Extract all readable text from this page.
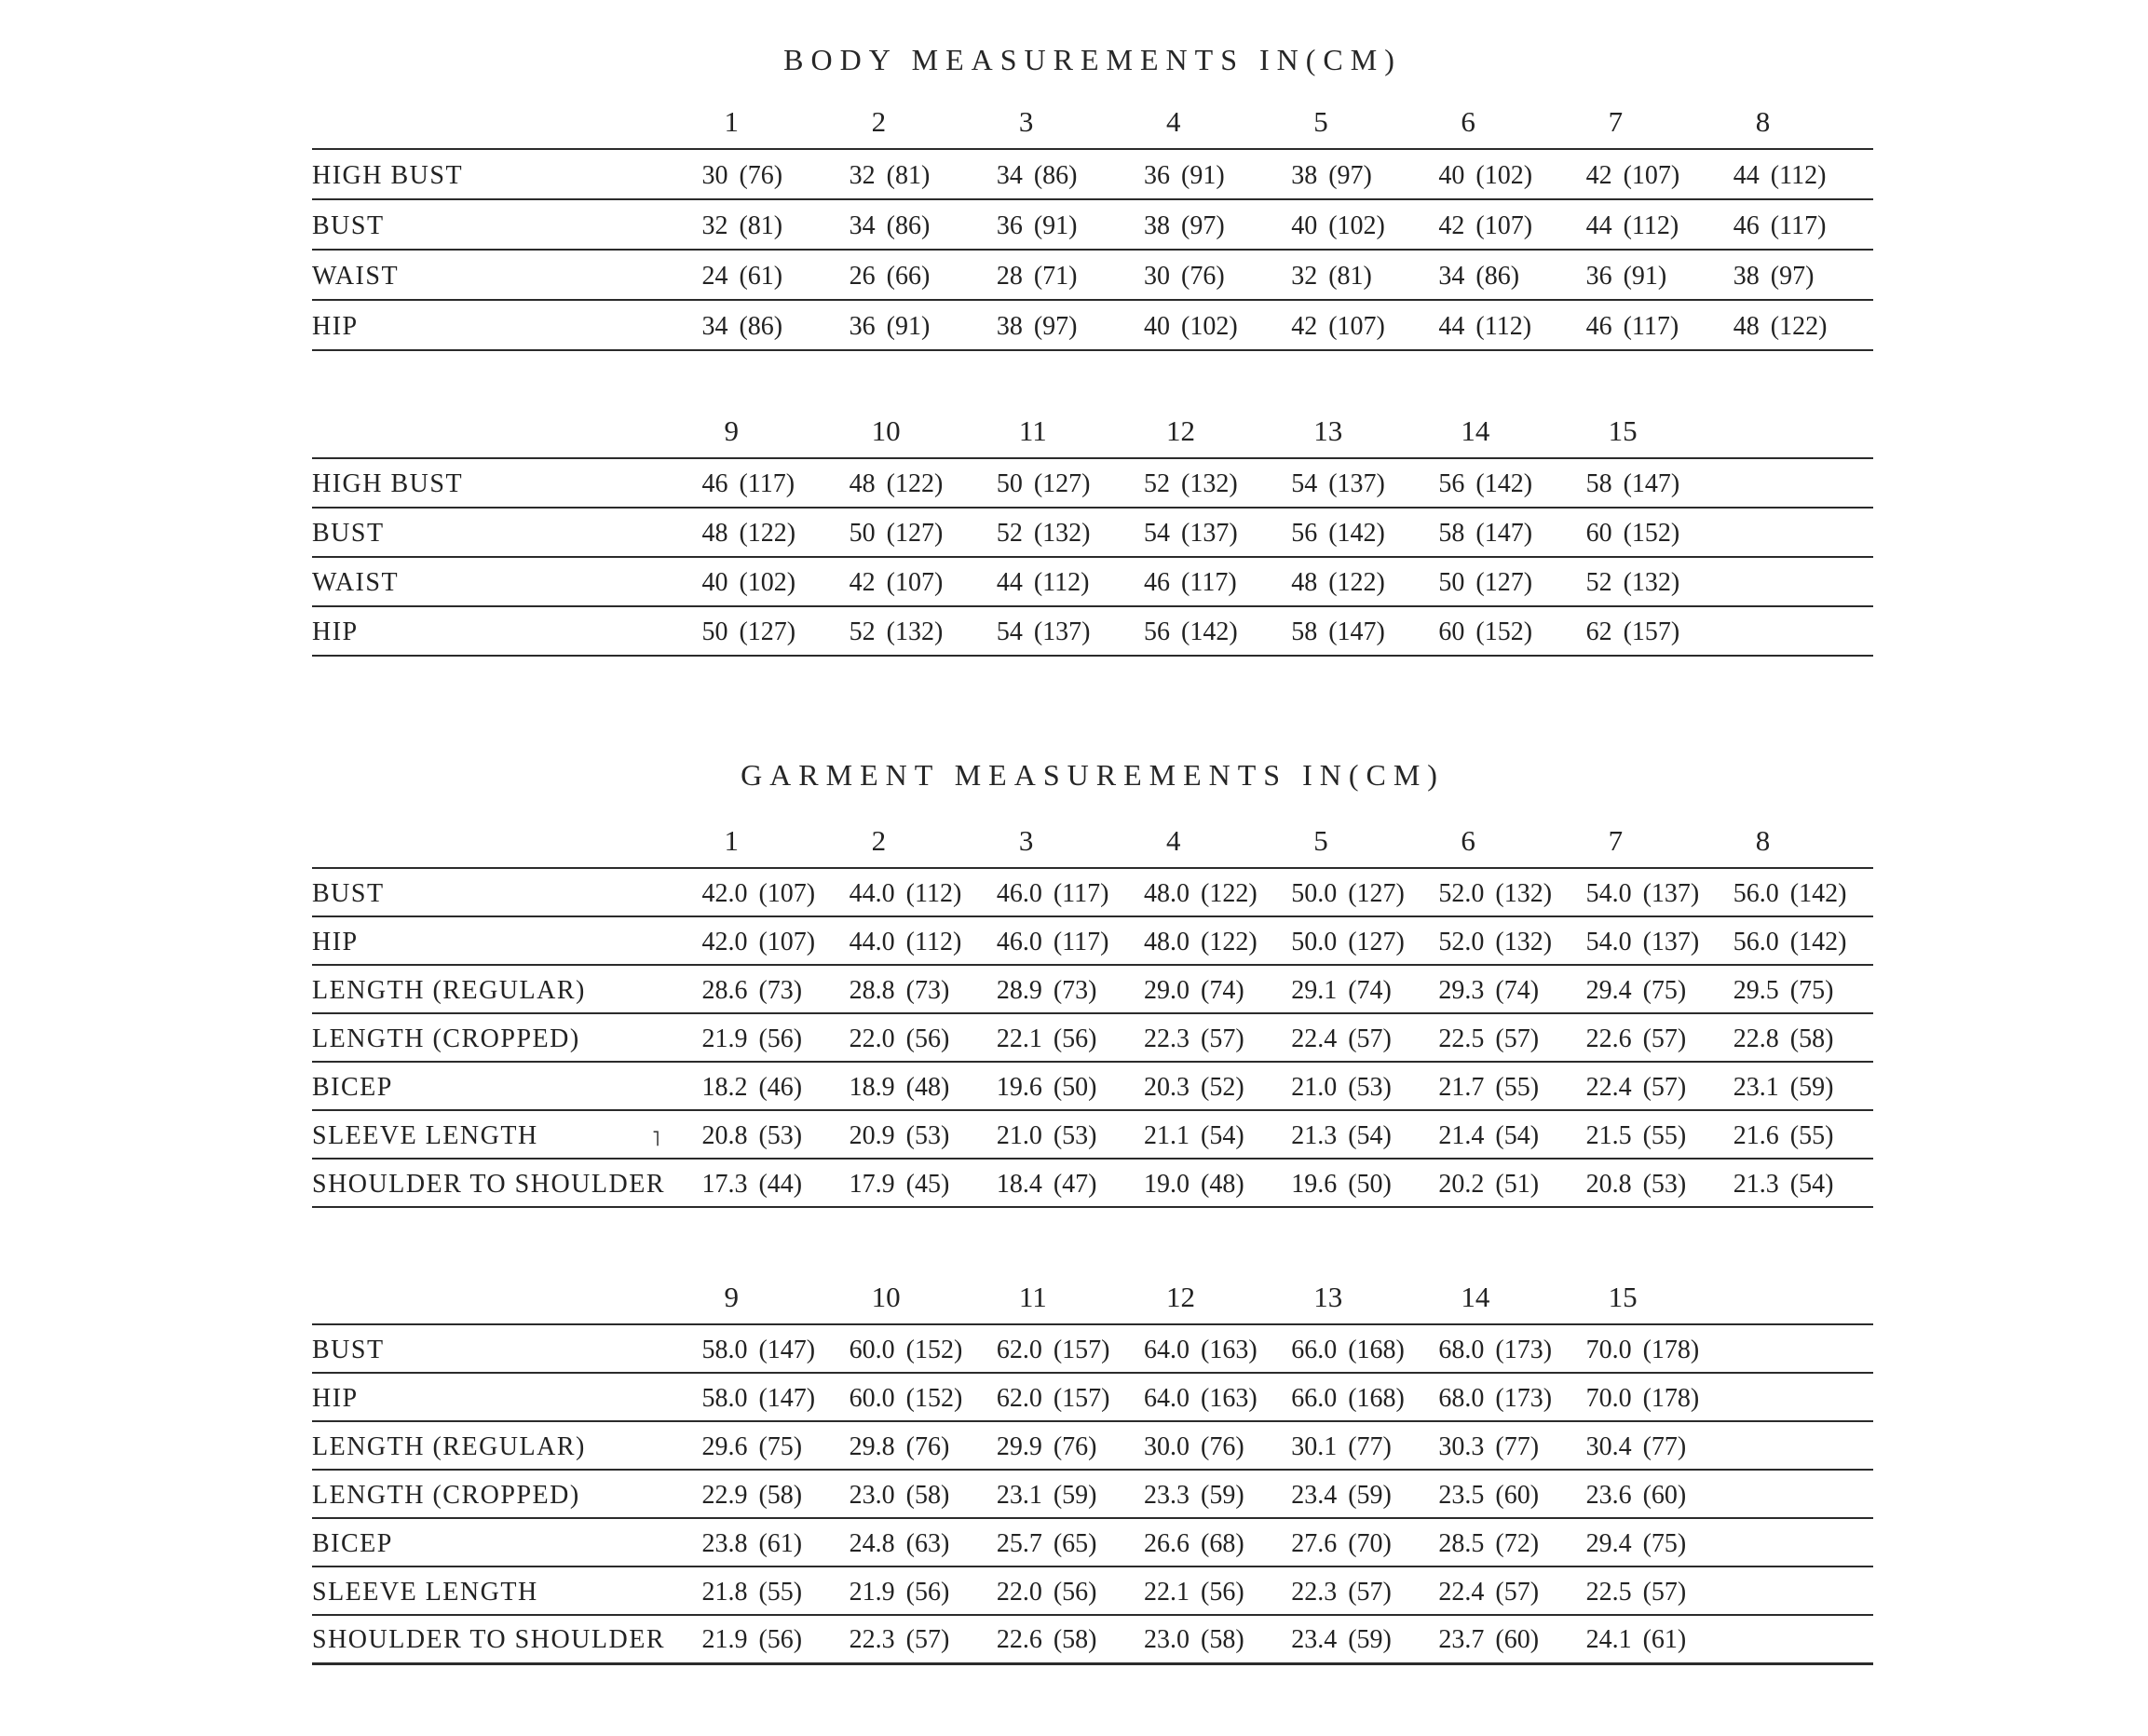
BODY MEASUREMENTS IN(CM)
	1	2	3	4	5	6	7	8
HIGH BUST	30 (76)	32 (81)	34 (86)	36 (91)	38 (97)	40 (102)	42 (107)	44 (112)
BUST	32 (81)	34 (86)	36 (91)	38 (97)	40 (102)	42 (107)	44 (112)	46 (117)
WAIST	24 (61)	26 (66)	28 (71)	30 (76)	32 (81)	34 (86)	36 (91)	38 (97)
HIP	34 (86)	36 (91)	38 (97)	40 (102)	42 (107)	44 (112)	46 (117)	48 (122)
	9	10	11	12	13	14	15	
HIGH BUST	46 (117)	48 (122)	50 (127)	52 (132)	54 (137)	56 (142)	58 (147)	
BUST	48 (122)	50 (127)	52 (132)	54 (137)	56 (142)	58 (147)	60 (152)	
WAIST	40 (102)	42 (107)	44 (112)	46 (117)	48 (122)	50 (127)	52 (132)	
HIP	50 (127)	52 (132)	54 (137)	56 (142)	58 (147)	60 (152)	62 (157)	
GARMENT MEASUREMENTS IN(CM)
	1	2	3	4	5	6	7	8
BUST	42.0 (107)	44.0 (112)	46.0 (117)	48.0 (122)	50.0 (127)	52.0 (132)	54.0 (137)	56.0 (142)
HIP	42.0 (107)	44.0 (112)	46.0 (117)	48.0 (122)	50.0 (127)	52.0 (132)	54.0 (137)	56.0 (142)
LENGTH (REGULAR)	28.6 (73)	28.8 (73)	28.9 (73)	29.0 (74)	29.1 (74)	29.3 (74)	29.4 (75)	29.5 (75)
LENGTH (CROPPED)	21.9 (56)	22.0 (56)	22.1 (56)	22.3 (57)	22.4 (57)	22.5 (57)	22.6 (57)	22.8 (58)
BICEP	18.2 (46)	18.9 (48)	19.6 (50)	20.3 (52)	21.0 (53)	21.7 (55)	22.4 (57)	23.1 (59)
SLEEVE LENGTH	20.8 (53)	20.9 (53)	21.0 (53)	21.1 (54)	21.3 (54)	21.4 (54)	21.5 (55)	21.6 (55)
SHOULDER TO SHOULDER	17.3 (44)	17.9 (45)	18.4 (47)	19.0 (48)	19.6 (50)	20.2 (51)	20.8 (53)	21.3 (54)
	9	10	11	12	13	14	15	
BUST	58.0 (147)	60.0 (152)	62.0 (157)	64.0 (163)	66.0 (168)	68.0 (173)	70.0 (178)	
HIP	58.0 (147)	60.0 (152)	62.0 (157)	64.0 (163)	66.0 (168)	68.0 (173)	70.0 (178)	
LENGTH (REGULAR)	29.6 (75)	29.8 (76)	29.9 (76)	30.0 (76)	30.1 (77)	30.3 (77)	30.4 (77)	
LENGTH (CROPPED)	22.9 (58)	23.0 (58)	23.1 (59)	23.3 (59)	23.4 (59)	23.5 (60)	23.6 (60)	
BICEP	23.8 (61)	24.8 (63)	25.7 (65)	26.6 (68)	27.6 (70)	28.5 (72)	29.4 (75)	
SLEEVE LENGTH	21.8 (55)	21.9 (56)	22.0 (56)	22.1 (56)	22.3 (57)	22.4 (57)	22.5 (57)	
SHOULDER TO SHOULDER	21.9 (56)	22.3 (57)	22.6 (58)	23.0 (58)	23.4 (59)	23.7 (60)	24.1 (61)	
˥
